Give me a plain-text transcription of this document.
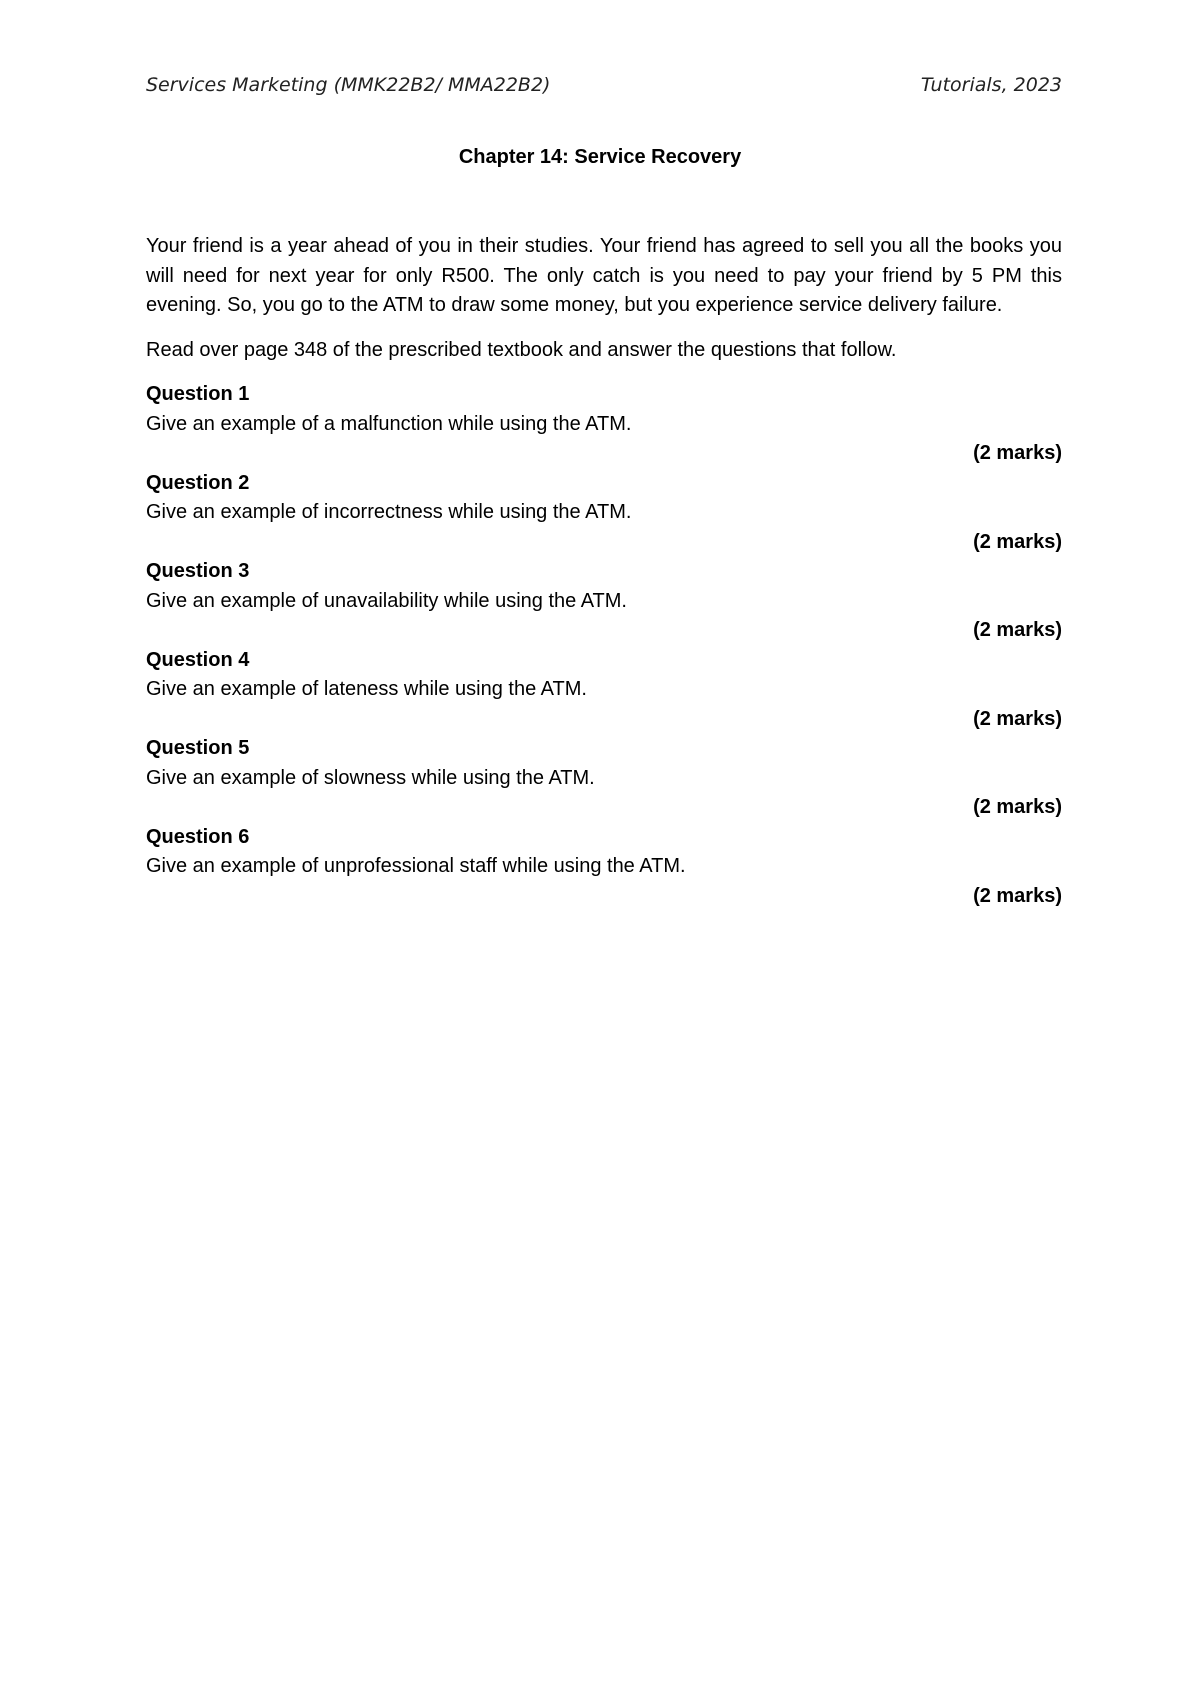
Services Marketing (MMK22B2/ MMA22B2)	Tutorials, 2023
Chapter 14: Service Recovery

Your friend is a year ahead of you in their studies. Your friend has agreed to sell you all the books you will need for next year for only R500. The only catch is you need to pay your friend by 5 PM this evening. So, you go to the ATM to draw some money, but you experience service delivery failure.

Read over page 348 of the prescribed textbook and answer the questions that follow.

Question 1
Give an example of a malfunction while using the ATM.
(2 marks)
Question 2
Give an example of incorrectness while using the ATM.
(2 marks)
Question 3
Give an example of unavailability while using the ATM.
(2 marks)
Question 4
Give an example of lateness while using the ATM.
(2 marks)
Question 5
Give an example of slowness while using the ATM.
(2 marks)
Question 6
Give an example of unprofessional staff while using the ATM.
(2 marks)
